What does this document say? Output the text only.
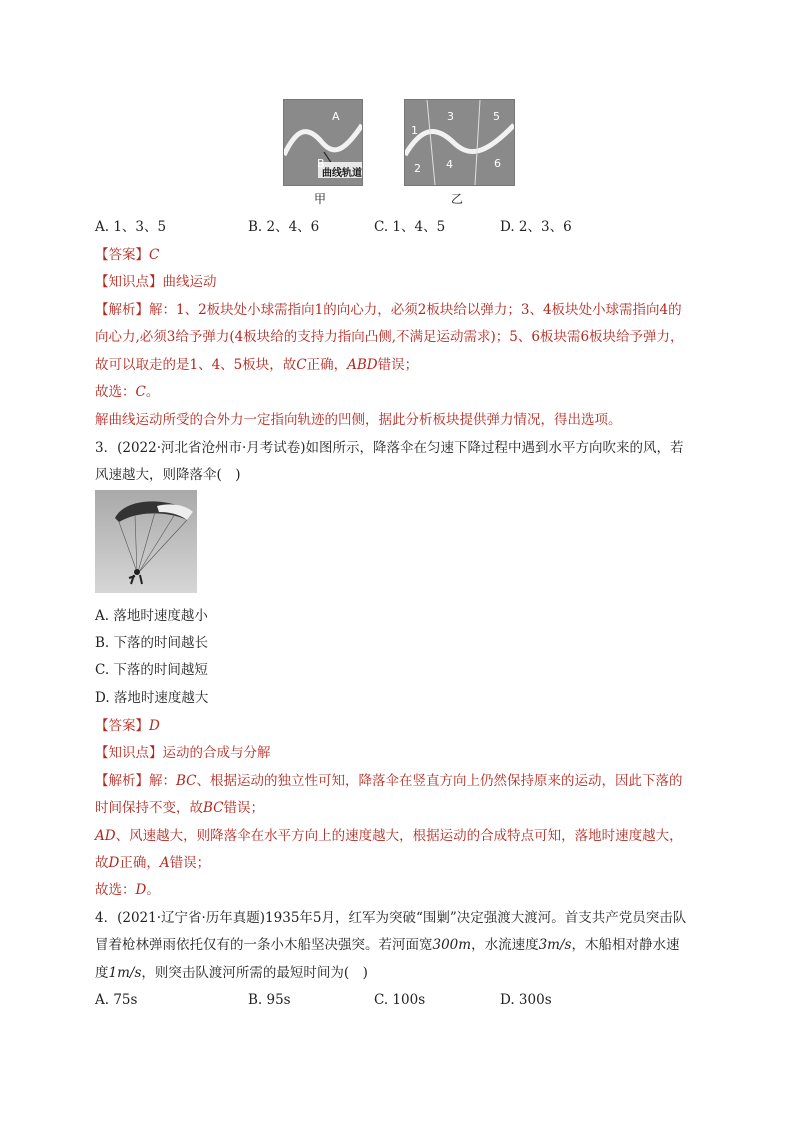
A
B
曲线轨道
甲
1
2
3
4
5
6
乙
A. 1、3、5	B. 2、4、6	C. 1、4、5	D. 2、3、6
【答案】C
【知识点】曲线运动
【解析】解：1、2板块处小球需指向1的向心力，必须2板块给以弹力；3、4板块处小球需指向4的
向心力,必须3给予弹力(4板块给的支持力指向凸侧,不满足运动需求)；5、6板块需6板块给予弹力，
故可以取走的是1、4、5板块，故C正确，ABD错误；
故选：C。
解曲线运动所受的合外力一定指向轨迹的凹侧，据此分析板块提供弹力情况，得出选项。
3．(2022·河北省沧州市·月考试卷)如图所示，降落伞在匀速下降过程中遇到水平方向吹来的风，若
风速越大，则降落伞(　)
A. 落地时速度越小
B. 下落的时间越长
C. 下落的时间越短
D. 落地时速度越大
【答案】D
【知识点】运动的合成与分解
【解析】解：BC、根据运动的独立性可知，降落伞在竖直方向上仍然保持原来的运动，因此下落的
时间保持不变，故BC错误；
AD、风速越大，则降落伞在水平方向上的速度越大，根据运动的合成特点可知，落地时速度越大，
故D正确，A错误；
故选：D。
4．(2021·辽宁省·历年真题)1935年5月，红军为突破“围剿”决定强渡大渡河。首支共产党员突击队
冒着枪林弹雨依托仅有的一条小木船坚决强突。若河面宽300m，水流速度3m/s，木船相对静水速
度1m/s，则突击队渡河所需的最短时间为(　)
A. 75s	B. 95s	C. 100s	D. 300s
